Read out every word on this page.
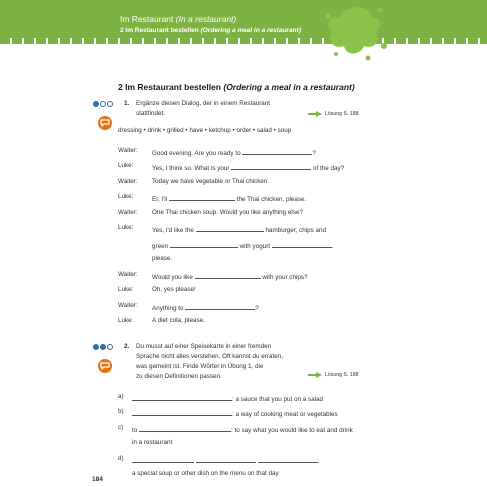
Im Restaurant (In a restaurant)
2 Im Restaurant bestellen (Ordering a meal in a restaurant)
2 Im Restaurant bestellen (Ordering a meal in a restaurant)
1. Ergänze diesen Dialog, der in einem Restaurant
stattfindet.	Lösung S. 188
dressing • drink • grilled • have • ketchup • order • salad • soup
Waiter: Good evening. Are you ready to	?
Luke:	Yes, I think so. What is your	of the day?
Waiter: Today we have vegetable or Thai chicken.
Luke:	Er, I'll	the Thai chicken, please.
Waiter: One Thai chicken soup. Would you like anything else?
Luke:	Yes, I'd like the	hamburger, chips and
green	with yogurt	.
please.
Waiter: Would you like	with your chips?
Luke:	Oh, yes please!
Waiter: Anything to	?
Luke:	A diet cola, please.
2. Du musst auf einer Speisekarte in einer fremden
Sprache nicht alles verstehen. Oft kannst du erraten,
was gemeint ist. Finde Wörter in Übung 1, die
zu diesen Definitionen passen.	Lösung S. 188
a)	: a sauce that you put on a salad
b)	: a way of cooking meat or vegetables
c) to	: to say what you would like to eat and drink
in a restaurant
d)	:
a special soup or other dish on the menu on that day
184
